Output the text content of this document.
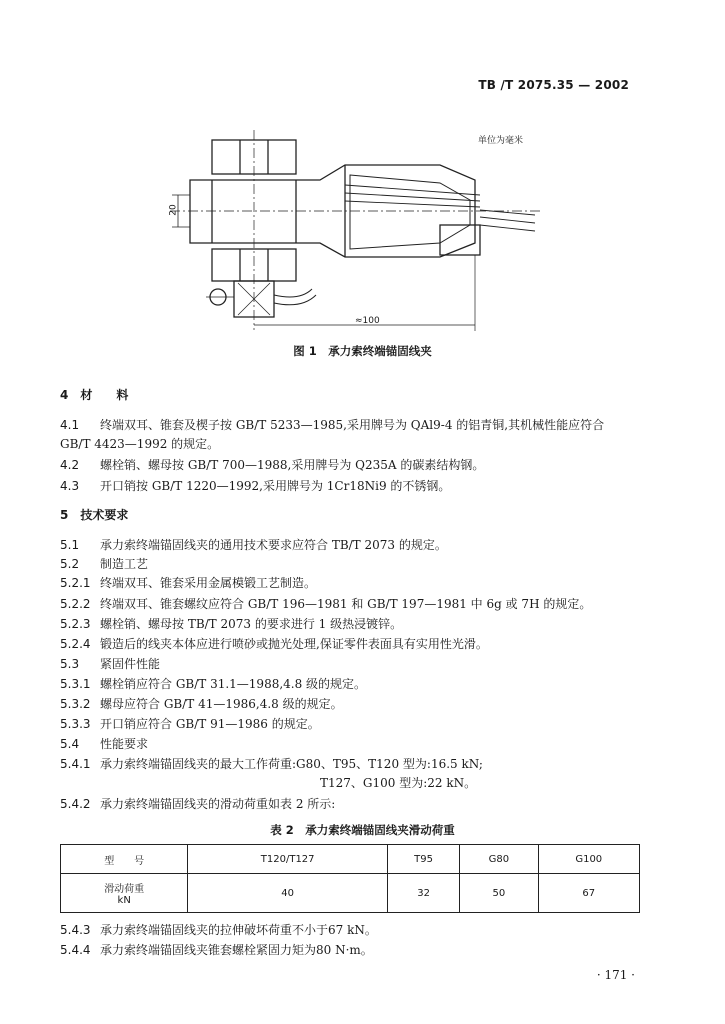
TB /T 2075.35 — 2002
单位为毫米
20
≈100
图 1　承力索终端锚固线夹
4　材　　料
4.1 终端双耳、锥套及楔子按 GB/T 5233—1985,采用牌号为 QAl9-4 的铝青铜,其机械性能应符合
GB/T 4423—1992 的规定。
4.2 螺栓销、螺母按 GB/T 700—1988,采用牌号为 Q235A 的碳素结构钢。
4.3 开口销按 GB/T 1220—1992,采用牌号为 1Cr18Ni9 的不锈钢。
5　技术要求
5.1 承力索终端锚固线夹的通用技术要求应符合 TB/T 2073 的规定。
5.2 制造工艺
5.2.1 终端双耳、锥套采用金属模锻工艺制造。
5.2.2 终端双耳、锥套螺纹应符合 GB/T 196—1981 和 GB/T 197—1981 中 6g 或 7H 的规定。
5.2.3 螺栓销、螺母按 TB/T 2073 的要求进行 1 级热浸镀锌。
5.2.4 锻造后的线夹本体应进行喷砂或抛光处理,保证零件表面具有实用性光滑。
5.3 紧固件性能
5.3.1 螺栓销应符合 GB/T 31.1—1988,4.8 级的规定。
5.3.2 螺母应符合 GB/T 41—1986,4.8 级的规定。
5.3.3 开口销应符合 GB/T 91—1986 的规定。
5.4 性能要求
5.4.1 承力索终端锚固线夹的最大工作荷重:G80、T95、T120 型为:16.5 kN;
T127、G100 型为:22 kN。
5.4.2 承力索终端锚固线夹的滑动荷重如表 2 所示:
表 2　承力索终端锚固线夹滑动荷重
型　　号	T120/T127	T95	G80	G100

滑动荷重
kN	40	32	50	67
5.4.3 承力索终端锚固线夹的拉伸破坏荷重不小于67 kN。
5.4.4 承力索终端锚固线夹锥套螺栓紧固力矩为80 N·m。
· 171 ·
